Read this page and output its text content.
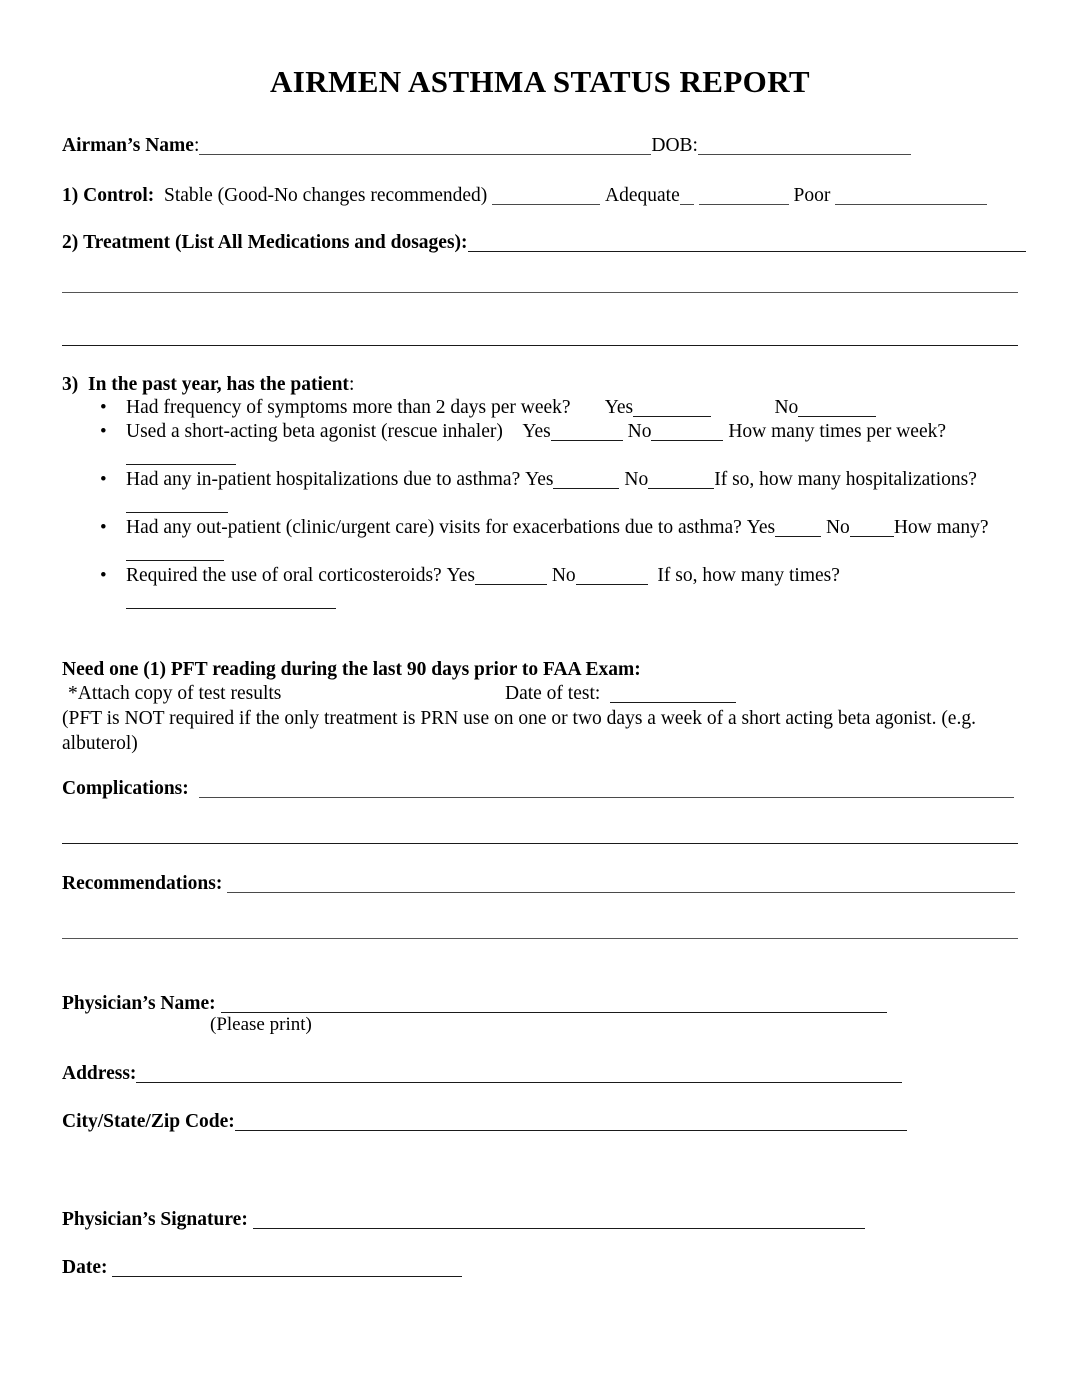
AIRMEN ASTHMA STATUS REPORT
Airman’s Name:	DOB:
1) Control: Stable (Good-No changes recommended)	Adequate	Poor
2) Treatment (List All Medications and dosages):
3) In the past year, has the patient:
• Had frequency of symptoms more than 2 days per week? Yes	No
• Used a short-acting beta agonist (rescue inhaler) Yes	No	How many times per week?
• Had any in-patient hospitalizations due to asthma? Yes	No	If so, how many hospitalizations?
• Had any out-patient (clinic/urgent care) visits for exacerbations due to asthma? Yes	No How many?
• Required the use of oral corticosteroids? Yes	No	If so, how many times?
Need one (1) PFT reading during the last 90 days prior to FAA Exam:
*Attach copy of test results	Date of test:
(PFT is NOT required if the only treatment is PRN use on one or two days a week of a short acting beta agonist. (e.g. albuterol)
Complications:
Recommendations:
Physician’s Name:
(Please print)
Address:
City/State/Zip Code:
Physician’s Signature:
Date:
